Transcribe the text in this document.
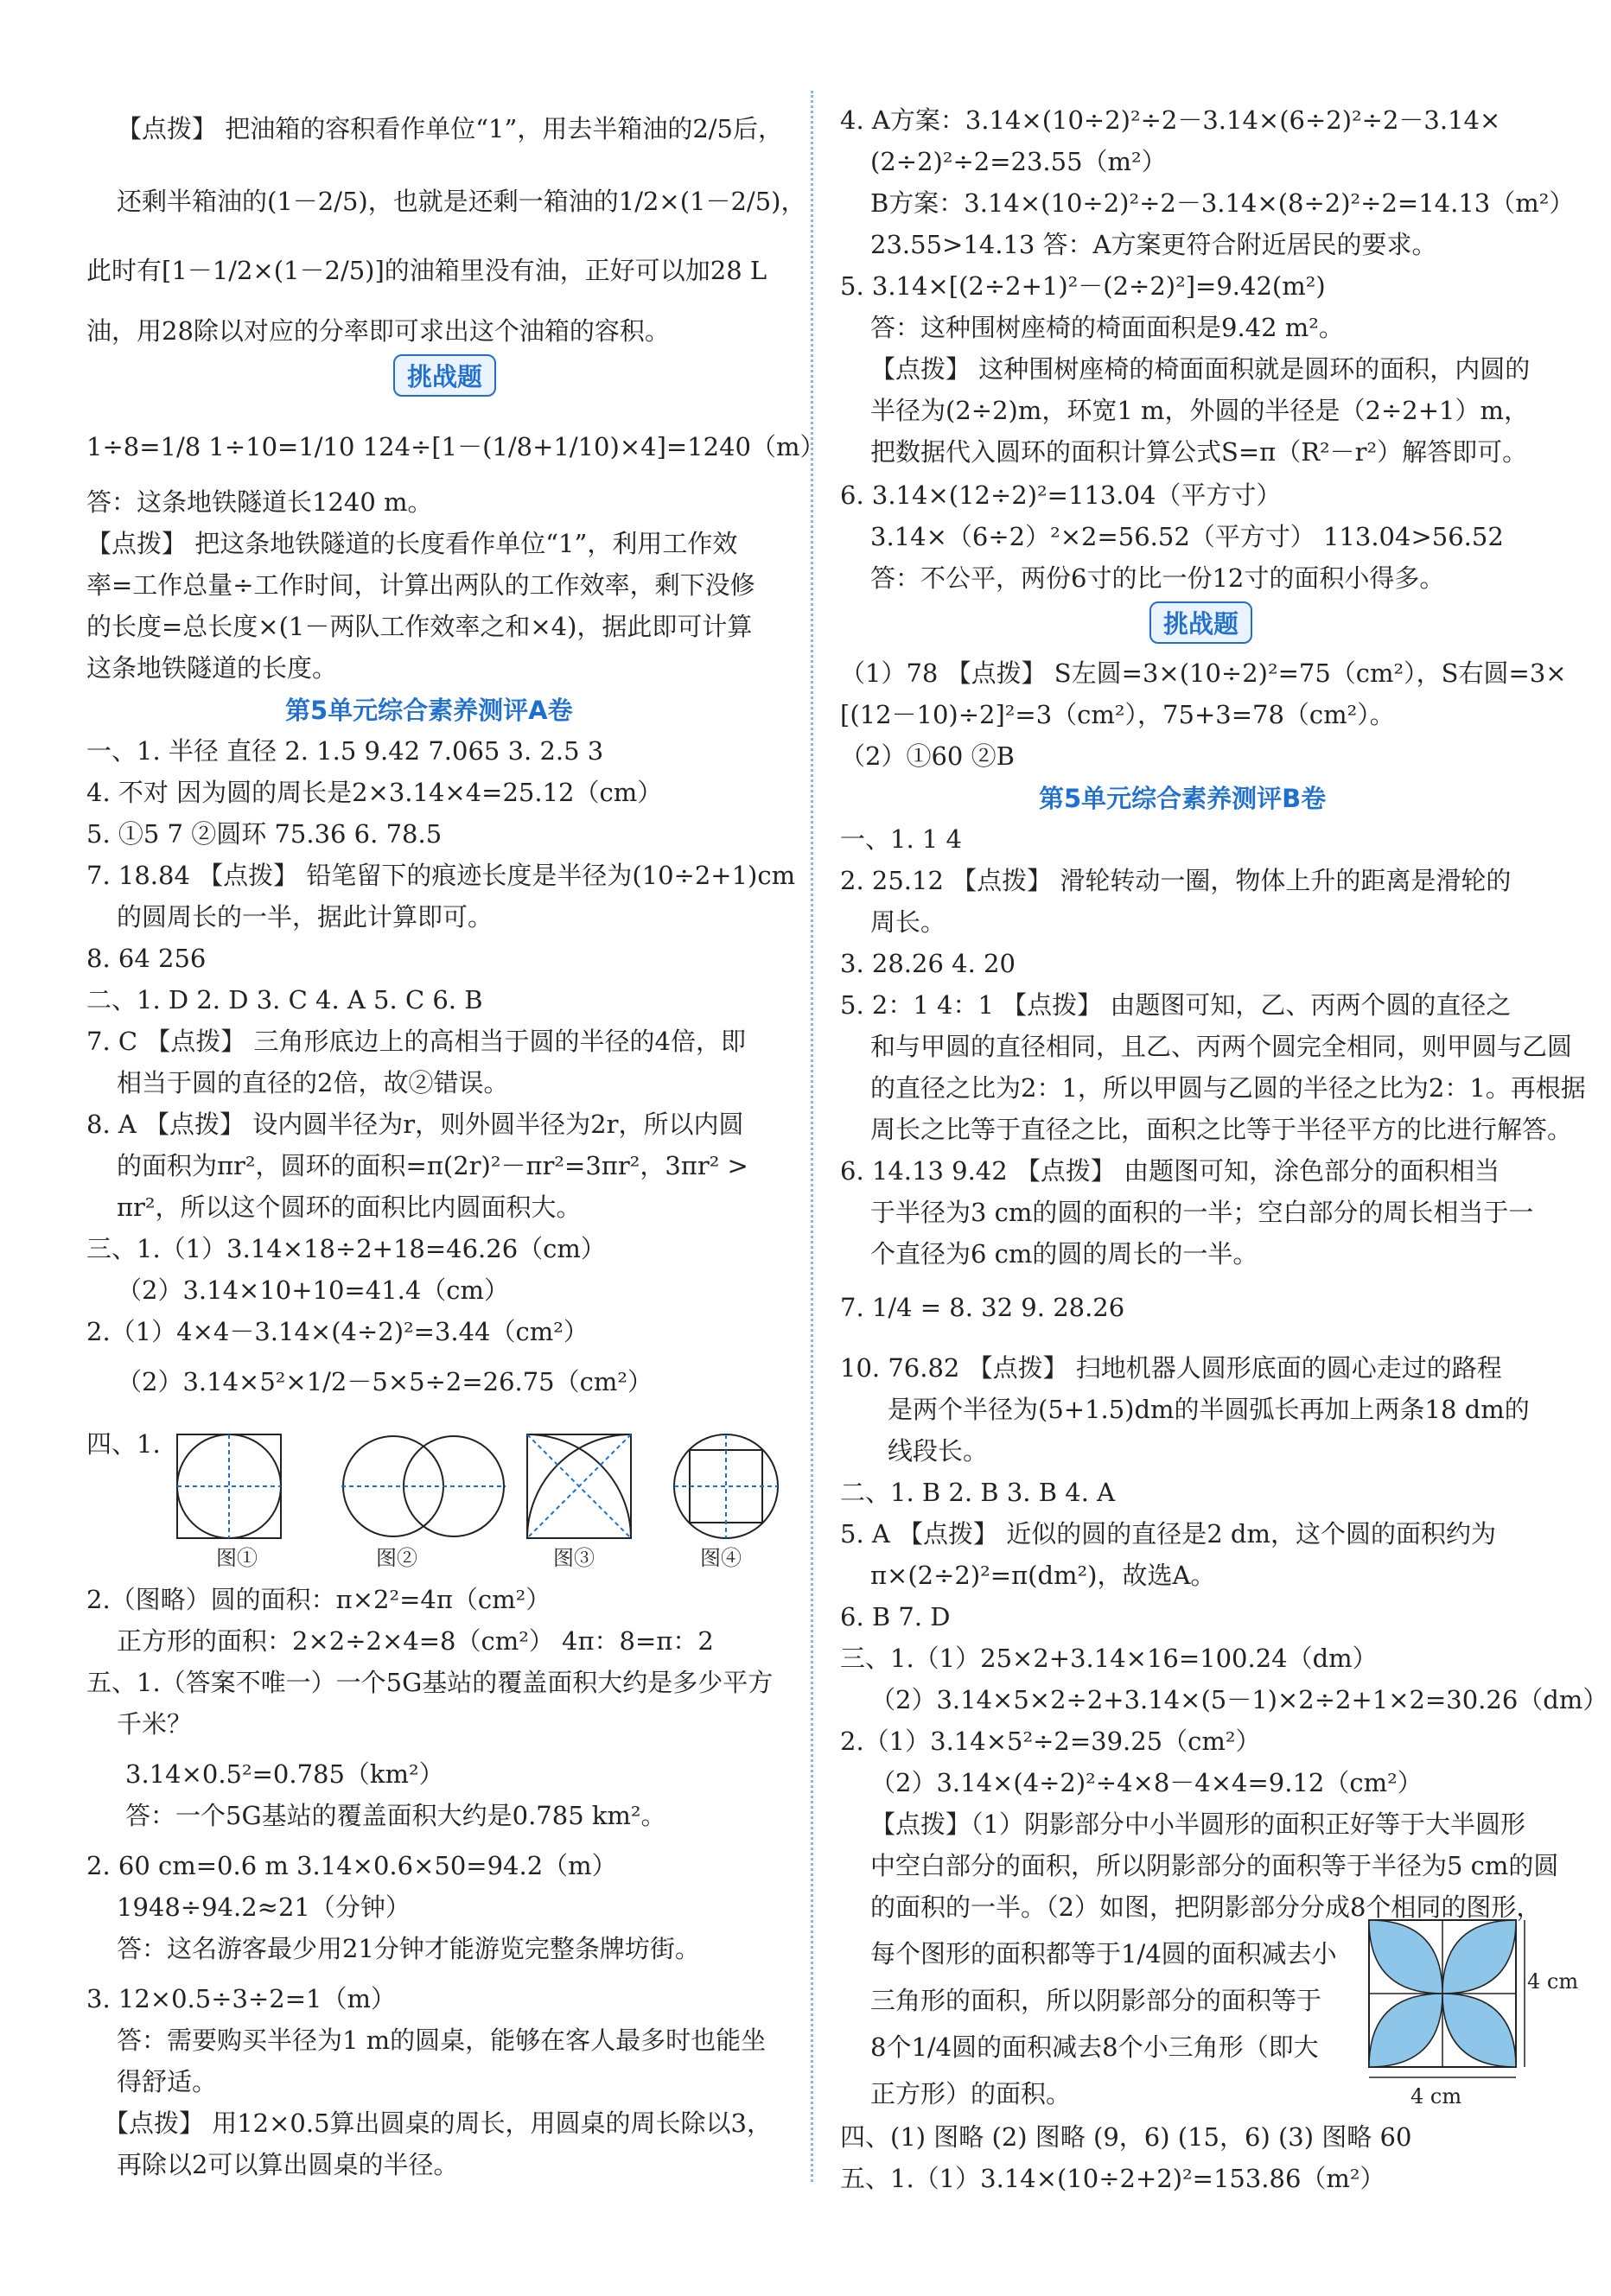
【点拨】 把油箱的容积看作单位“1”，用去半箱油的2/5后，
还剩半箱油的(1－2/5)，也就是还剩一箱油的1/2×(1－2/5)，
此时有[1－1/2×(1－2/5)]的油箱里没有油，正好可以加28 L
油，用28除以对应的分率即可求出这个油箱的容积。
挑战题
1÷8=1/8 1÷10=1/10 124÷[1－(1/8+1/10)×4]=1240（m）
答：这条地铁隧道长1240 m。
【点拨】 把这条地铁隧道的长度看作单位“1”，利用工作效
率=工作总量÷工作时间，计算出两队的工作效率，剩下没修
的长度=总长度×(1－两队工作效率之和×4)，据此即可计算
这条地铁隧道的长度。
第5单元综合素养测评A卷
一、1. 半径 直径 2. 1.5 9.42 7.065 3. 2.5 3
4. 不对 因为圆的周长是2×3.14×4=25.12（cm）
5. ①5 7 ②圆环 75.36 6. 78.5
7. 18.84 【点拨】 铅笔留下的痕迹长度是半径为(10÷2+1)cm
的圆周长的一半，据此计算即可。
8. 64 256
二、1. D 2. D 3. C 4. A 5. C 6. B
7. C 【点拨】 三角形底边上的高相当于圆的半径的4倍，即
相当于圆的直径的2倍，故②错误。
8. A 【点拨】 设内圆半径为r，则外圆半径为2r，所以内圆
的面积为πr²，圆环的面积=π(2r)²－πr²=3πr²，3πr² >
πr²，所以这个圆环的面积比内圆面积大。
三、1.（1）3.14×18÷2+18=46.26（cm）
（2）3.14×10+10=41.4（cm）
2.（1）4×4－3.14×(4÷2)²=3.44（cm²）
（2）3.14×5²×1/2－5×5÷2=26.75（cm²）
四、1.
图①	图②	图③	图④
2.（图略）圆的面积：π×2²=4π（cm²）
正方形的面积：2×2÷2×4=8（cm²） 4π：8=π：2
五、1.（答案不唯一）一个5G基站的覆盖面积大约是多少平方
千米？
3.14×0.5²=0.785（km²）
答：一个5G基站的覆盖面积大约是0.785 km²。
2. 60 cm=0.6 m 3.14×0.6×50=94.2（m）
1948÷94.2≈21（分钟）
答：这名游客最少用21分钟才能游览完整条牌坊街。
3. 12×0.5÷3÷2=1（m）
答：需要购买半径为1 m的圆桌，能够在客人最多时也能坐
得舒适。
【点拨】 用12×0.5算出圆桌的周长，用圆桌的周长除以3，
再除以2可以算出圆桌的半径。
4. A方案：3.14×(10÷2)²÷2－3.14×(6÷2)²÷2－3.14×
(2÷2)²÷2=23.55（m²）
B方案：3.14×(10÷2)²÷2－3.14×(8÷2)²÷2=14.13（m²）
23.55>14.13 答：A方案更符合附近居民的要求。
5. 3.14×[(2÷2+1)²－(2÷2)²]=9.42(m²)
答：这种围树座椅的椅面面积是9.42 m²。
【点拨】 这种围树座椅的椅面面积就是圆环的面积，内圆的
半径为(2÷2)m，环宽1 m，外圆的半径是（2÷2+1）m，
把数据代入圆环的面积计算公式S=π（R²－r²）解答即可。
6. 3.14×(12÷2)²=113.04（平方寸）
3.14×（6÷2）²×2=56.52（平方寸） 113.04>56.52
答：不公平，两份6寸的比一份12寸的面积小得多。
挑战题
（1）78 【点拨】 S左圆=3×(10÷2)²=75（cm²），S右圆=3×
[(12－10)÷2]²=3（cm²），75+3=78（cm²）。
（2）①60 ②B
第5单元综合素养测评B卷
一、1. 1 4
2. 25.12 【点拨】 滑轮转动一圈，物体上升的距离是滑轮的
周长。
3. 28.26 4. 20
5. 2：1 4：1 【点拨】 由题图可知，乙、丙两个圆的直径之
和与甲圆的直径相同，且乙、丙两个圆完全相同，则甲圆与乙圆
的直径之比为2：1，所以甲圆与乙圆的半径之比为2：1。再根据
周长之比等于直径之比，面积之比等于半径平方的比进行解答。
6. 14.13 9.42 【点拨】 由题图可知，涂色部分的面积相当
于半径为3 cm的圆的面积的一半；空白部分的周长相当于一
个直径为6 cm的圆的周长的一半。
7. 1/4 = 8. 32 9. 28.26
10. 76.82 【点拨】 扫地机器人圆形底面的圆心走过的路程
是两个半径为(5+1.5)dm的半圆弧长再加上两条18 dm的
线段长。
二、1. B 2. B 3. B 4. A
5. A 【点拨】 近似的圆的直径是2 dm，这个圆的面积约为
π×(2÷2)²=π(dm²)，故选A。
6. B 7. D
三、1.（1）25×2+3.14×16=100.24（dm）
（2）3.14×5×2÷2+3.14×(5－1)×2÷2+1×2=30.26（dm）
2.（1）3.14×5²÷2=39.25（cm²）
（2）3.14×(4÷2)²÷4×8－4×4=9.12（cm²）
【点拨】（1）阴影部分中小半圆形的面积正好等于大半圆形
中空白部分的面积，所以阴影部分的面积等于半径为5 cm的圆
的面积的一半。（2）如图，把阴影部分分成8个相同的图形，
每个图形的面积都等于1/4圆的面积减去小
三角形的面积，所以阴影部分的面积等于
8个1/4圆的面积减去8个小三角形（即大
正方形）的面积。
4 cm
4 cm
四、(1) 图略 (2) 图略 (9，6) (15，6) (3) 图略 60
五、1.（1）3.14×(10÷2+2)²=153.86（m²）
